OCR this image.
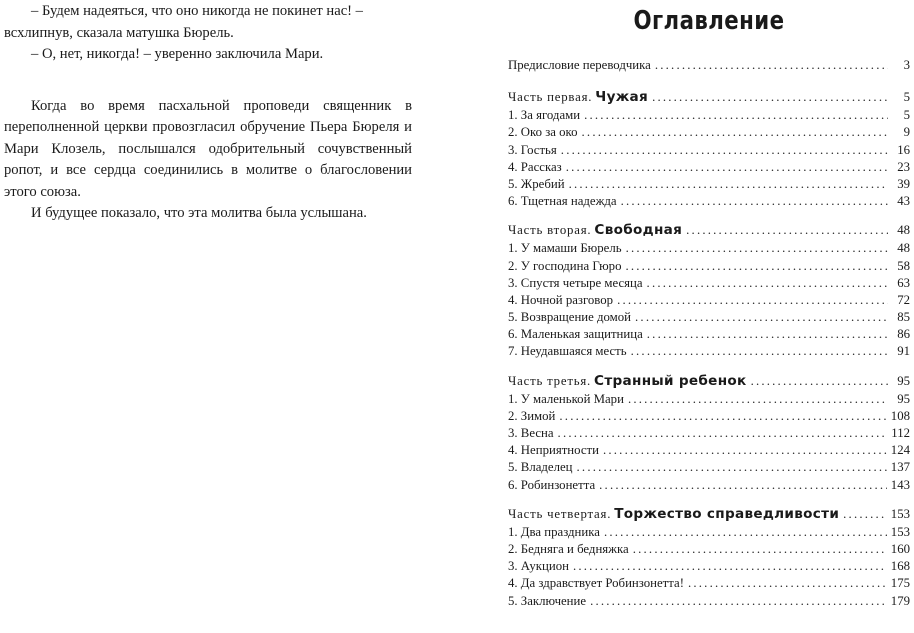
– Будем надеяться, что оно никогда не покинет нас! –

всхлипнув, сказала матушка Бюрель.

– О, нет, никогда! – уверенно заключила Мари.

Когда во время пасхальной проповеди священник в переполненной церкви провозгласил обручение Пьера Бюреля и Мари Клозель, послышался одобрительный сочувственный ропот, и все сердца соединились в молитве о благословении этого союза.

И будущее показало, что эта молитва была услышана.

Оглавление
Предисловие переводчика .....	3
Часть первая. Чужая .....	5
1. За ягодами .....	5
2. Око за око .....	9
3. Гостья .....	16
4. Рассказ .....	23
5. Жребий .....	39
6. Тщетная надежда .....	43
Часть вторая. Свободная .....	48
1. У мамаши Бюрель .....	48
2. У господина Гюро .....	58
3. Спустя четыре месяца .....	63
4. Ночной разговор .....	72
5. Возвращение домой .....	85
6. Маленькая защитница .....	86
7. Неудавшаяся месть .....	91
Часть третья. Странный ребенок .....	95
1. У маленькой Мари .....	95
2. Зимой .....	108
3. Весна .....	112
4. Неприятности .....	124
5. Владелец .....	137
6. Робинзонетта .....	143
Часть четвертая. Торжество справедливости .....	153
1. Два праздника .....	153
2. Бедняга и бедняжка .....	160
3. Аукцион .....	168
4. Да здравствует Робинзонетта! .....	175
5. Заключение .....	179
